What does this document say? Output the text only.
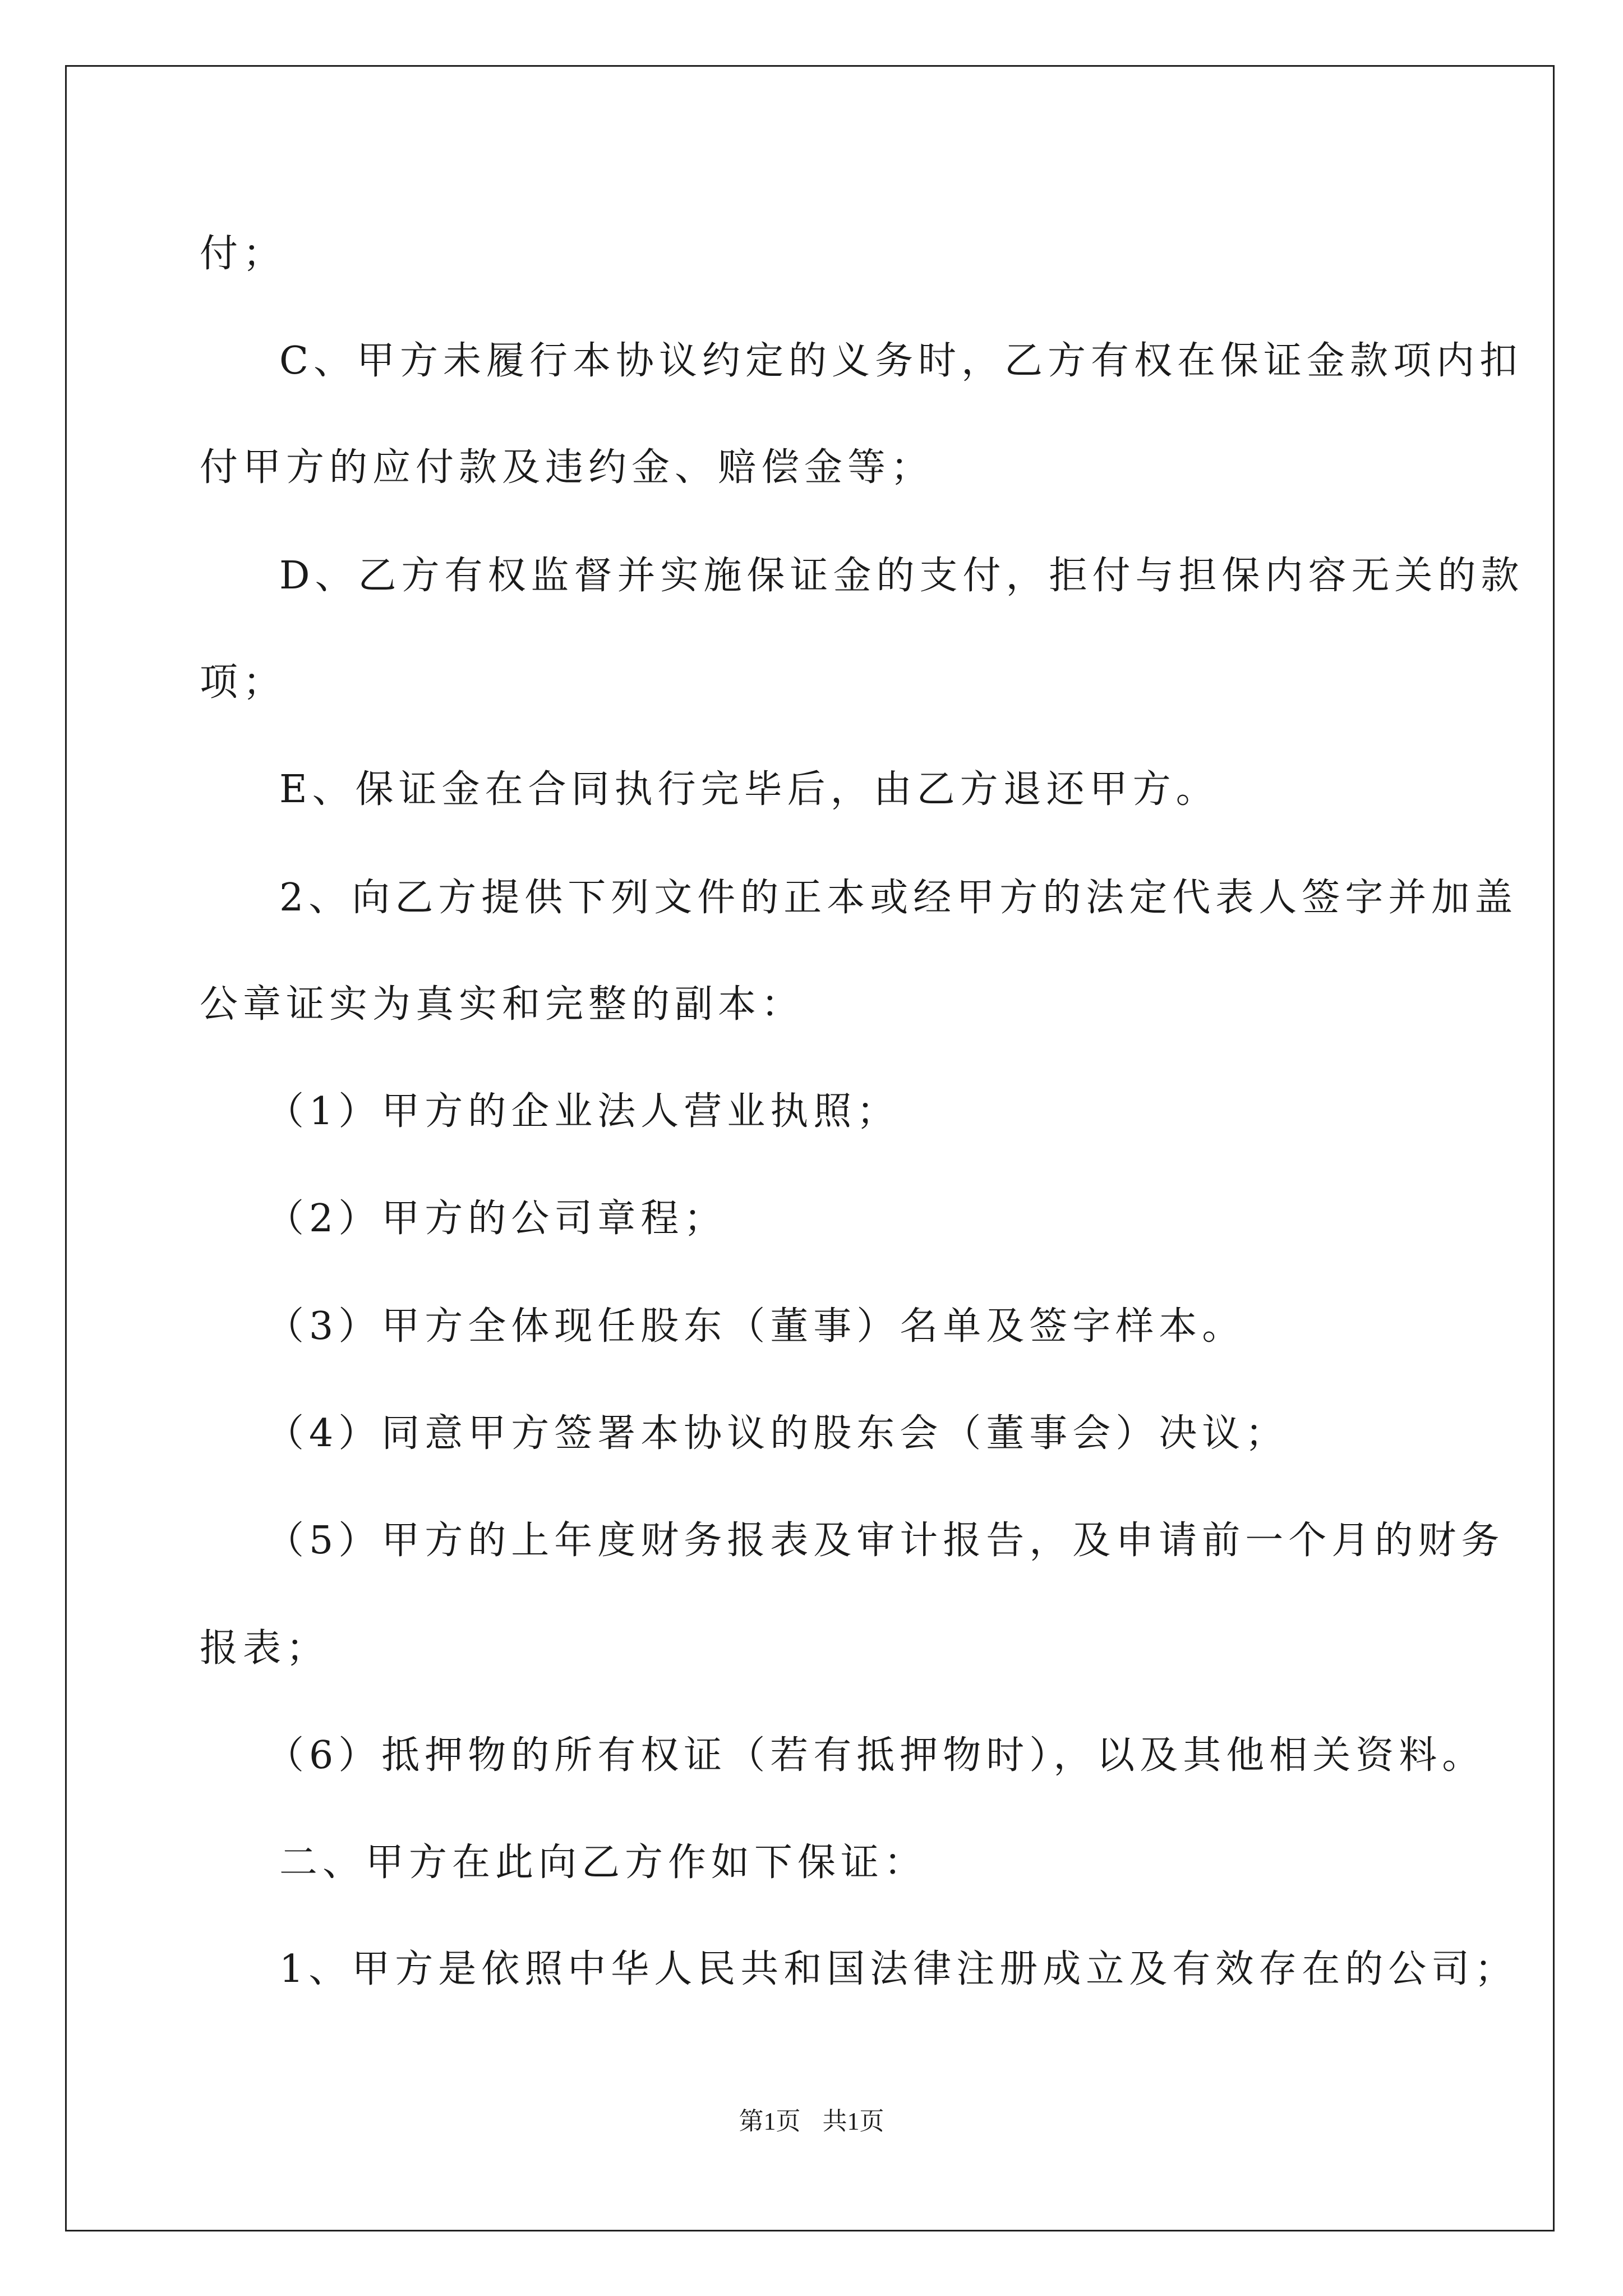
付；
C、甲方未履行本协议约定的义务时，乙方有权在保证金款项内扣
付甲方的应付款及违约金、赔偿金等；
D、乙方有权监督并实施保证金的支付，拒付与担保内容无关的款
项；
E、保证金在合同执行完毕后，由乙方退还甲方。
2、向乙方提供下列文件的正本或经甲方的法定代表人签字并加盖
公章证实为真实和完整的副本：
（1）甲方的企业法人营业执照；
（2）甲方的公司章程；
（3）甲方全体现任股东（董事）名单及签字样本。
（4）同意甲方签署本协议的股东会（董事会）决议；
（5）甲方的上年度财务报表及审计报告，及申请前一个月的财务
报表；
（6）抵押物的所有权证（若有抵押物时），以及其他相关资料。
二、甲方在此向乙方作如下保证：
1、甲方是依照中华人民共和国法律注册成立及有效存在的公司；
第1页 共1页
